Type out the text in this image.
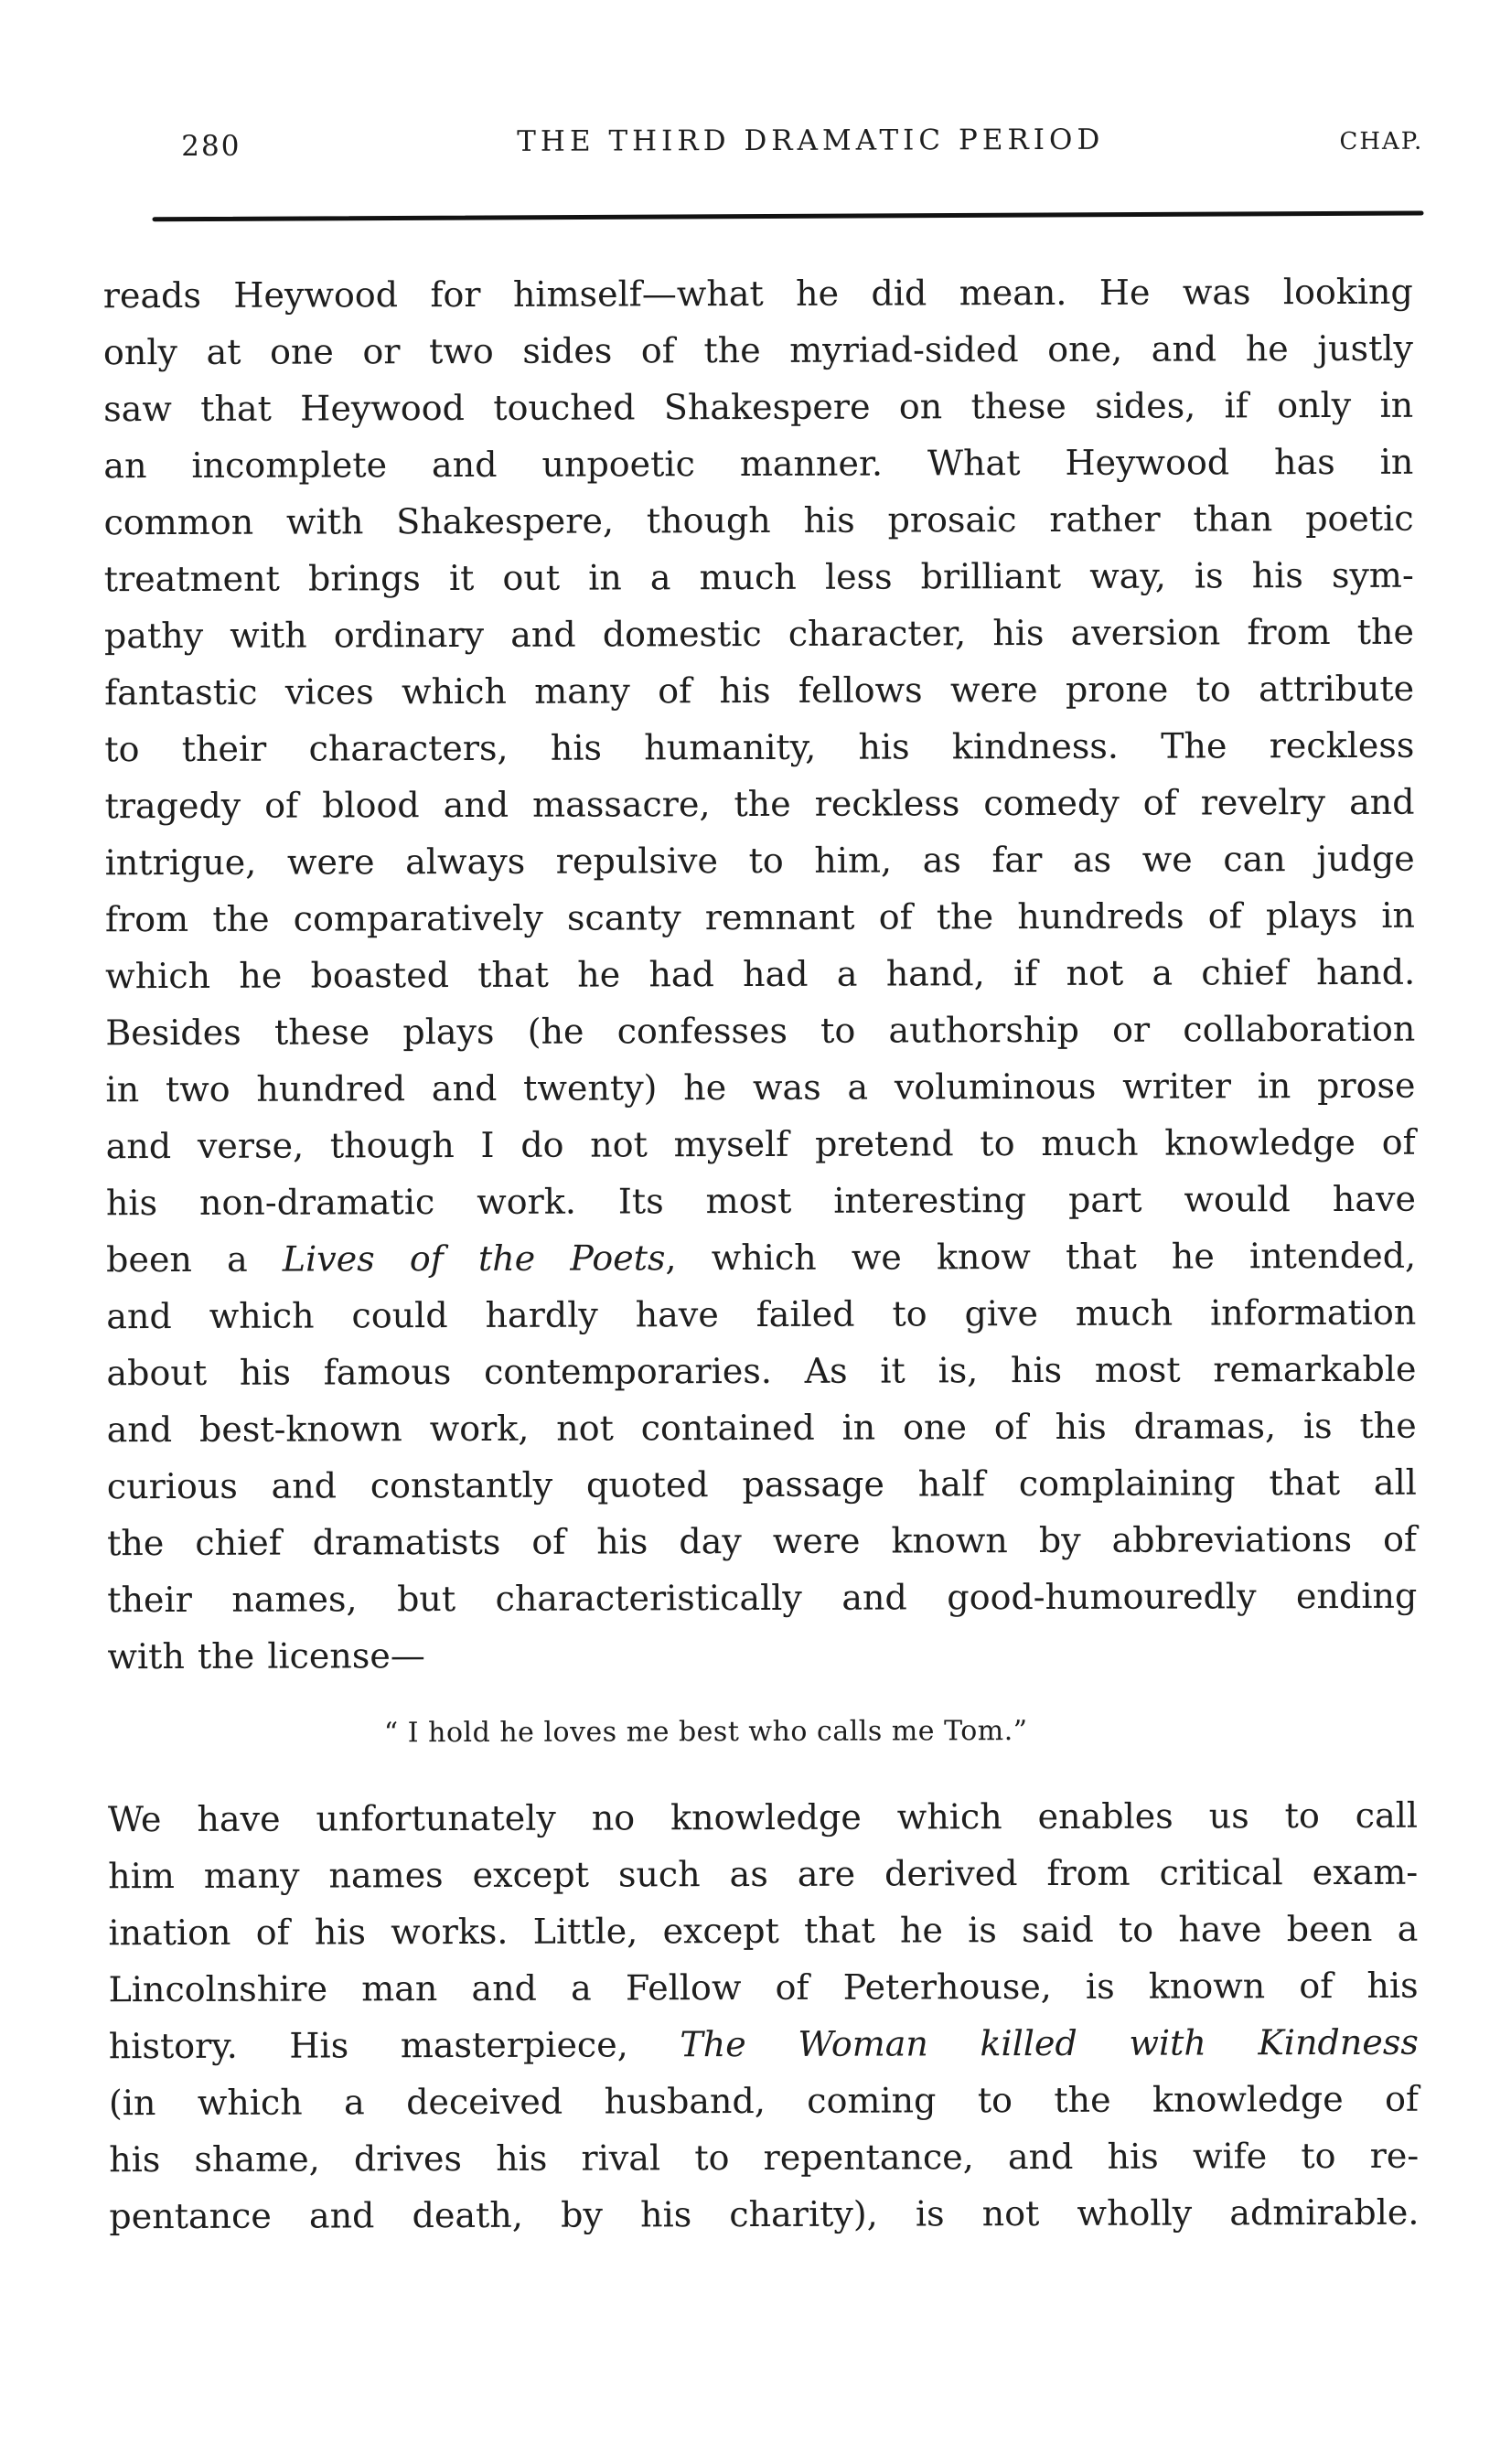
280	THE THIRD DRAMATIC PERIOD	CHAP.
reads Heywood for himself—what he did mean. He was looking
only at one or two sides of the myriad-sided one, and he justly
saw that Heywood touched Shakespere on these sides, if only in
an incomplete and unpoetic manner. What Heywood has in
common with Shakespere, though his prosaic rather than poetic
treatment brings it out in a much less brilliant way, is his sym-
pathy with ordinary and domestic character, his aversion from the
fantastic vices which many of his fellows were prone to attribute
to their characters, his humanity, his kindness. The reckless
tragedy of blood and massacre, the reckless comedy of revelry and
intrigue, were always repulsive to him, as far as we can judge
from the comparatively scanty remnant of the hundreds of plays in
which he boasted that he had had a hand, if not a chief hand.
Besides these plays (he confesses to authorship or collaboration
in two hundred and twenty) he was a voluminous writer in prose
and verse, though I do not myself pretend to much knowledge of
his non-dramatic work. Its most interesting part would have
been a Lives of the Poets, which we know that he intended,
and which could hardly have failed to give much information
about his famous contemporaries. As it is, his most remarkable
and best-known work, not contained in one of his dramas, is the
curious and constantly quoted passage half complaining that all
the chief dramatists of his day were known by abbreviations of
their names, but characteristically and good-humouredly ending
with the license—
“ I hold he loves me best who calls me Tom.”
We have unfortunately no knowledge which enables us to call
him many names except such as are derived from critical exam-
ination of his works. Little, except that he is said to have been a
Lincolnshire man and a Fellow of Peterhouse, is known of his
history. His masterpiece, The Woman killed with Kindness
(in which a deceived husband, coming to the knowledge of
his shame, drives his rival to repentance, and his wife to re-
pentance and death, by his charity), is not wholly admirable.
